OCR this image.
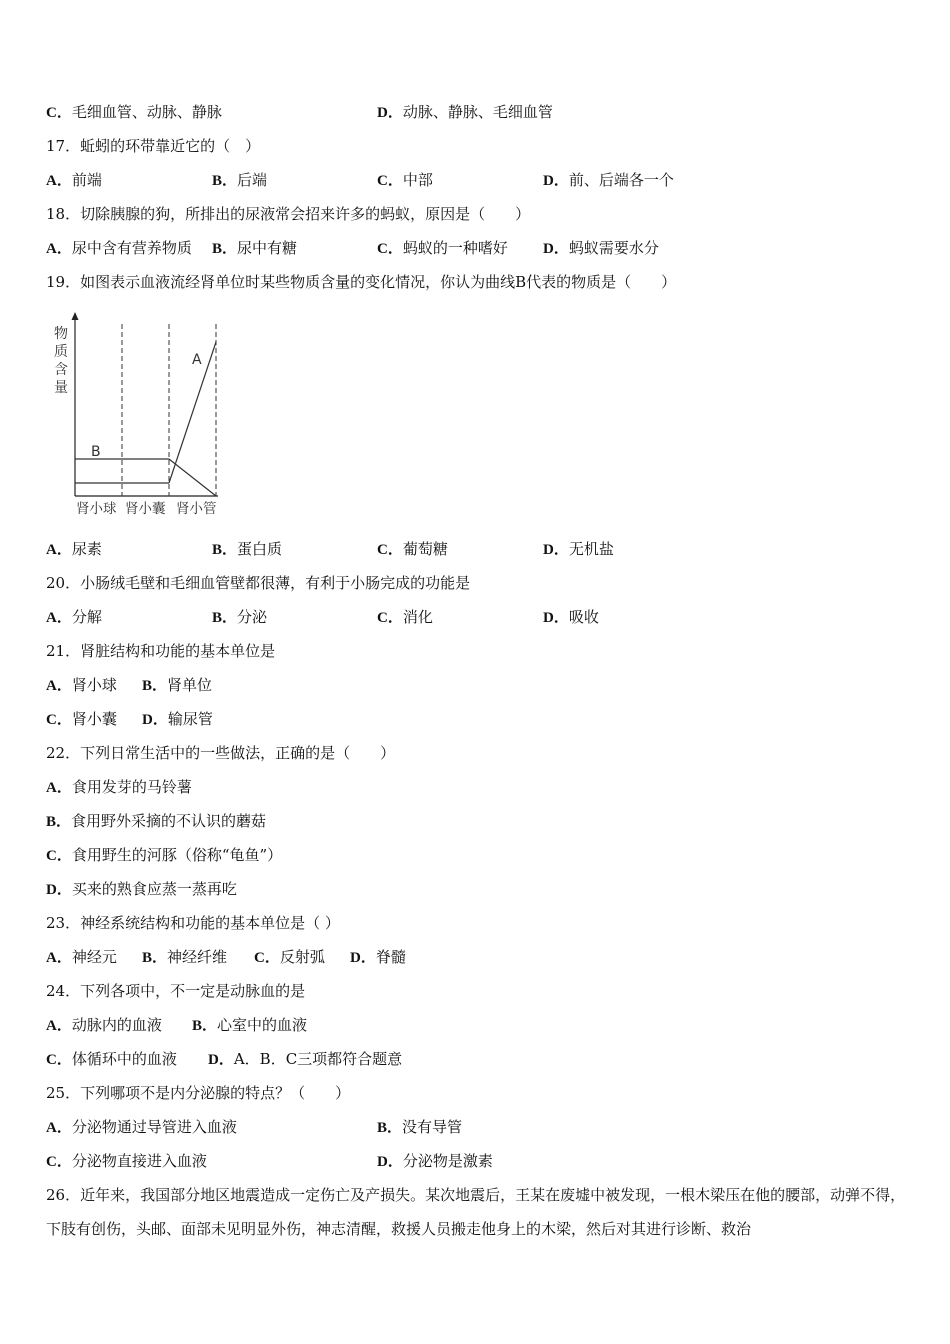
C．毛细血管、动脉、静脉	D．动脉、静脉、毛细血管
17．蚯蚓的环带靠近它的（　）
A．前端	B．后端	C．中部	D．前、后端各一个
18．切除胰腺的狗，所排出的尿液常会招来许多的蚂蚁，原因是（　　）
A．尿中含有营养物质 B．尿中有糖	C．蚂蚁的一种嗜好 D．蚂蚁需要水分
19．如图表示血液流经肾单位时某些物质含量的变化情况，你认为曲线B代表的物质是（　　）
物
质
含
量
A
B
肾小球 肾小囊 肾小管
A．尿素	B．蛋白质	C．葡萄糖	D．无机盐
20．小肠绒毛壁和毛细血管壁都很薄，有利于小肠完成的功能是
A．分解	B．分泌	C．消化	D．吸收
21．肾脏结构和功能的基本单位是
A．肾小球 B．肾单位
C．肾小囊 D．输尿管
22．下列日常生活中的一些做法，正确的是（　　）
A．食用发芽的马铃薯
B．食用野外采摘的不认识的蘑菇
C．食用野生的河豚（俗称“龟鱼”）
D．买来的熟食应蒸一蒸再吃
23．神经系统结构和功能的基本单位是（ ）
A．神经元 B．神经纤维 C．反射弧 D．脊髓
24．下列各项中，不一定是动脉血的是
A．动脉内的血液 B．心室中的血液
C．体循环中的血液 D．A．B．C三项都符合题意
25．下列哪项不是内分泌腺的特点？（　　）
A．分泌物通过导管进入血液	B．没有导管
C．分泌物直接进入血液	D．分泌物是激素
26．近年来，我国部分地区地震造成一定伤亡及产损失。某次地震后，王某在废墟中被发现，一根木梁压在他的腰部，动弹不得，下肢有创伤，头邮、面部未见明显外伤，神志清醒，救援人员搬走他身上的木梁，然后对其进行诊断、救治
